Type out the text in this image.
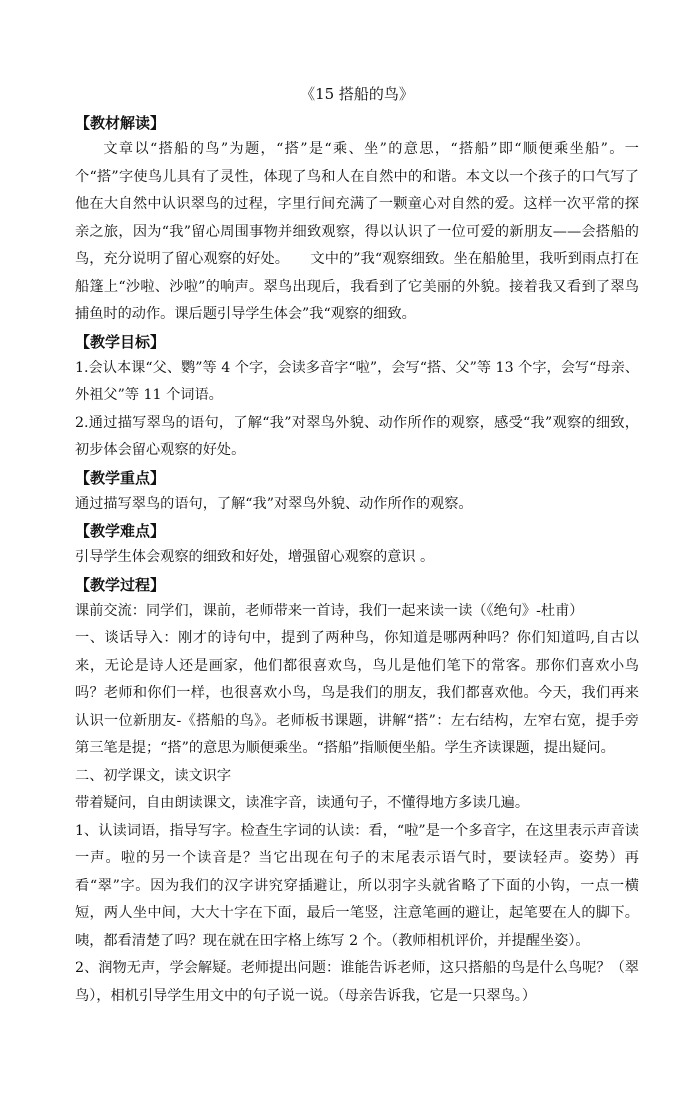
《15 搭船的鸟》

【教材解读】

文章以“搭船的鸟”为题，“搭”是“乘、坐”的意思，“搭船”即“顺便乘坐船”。一个“搭”字使鸟儿具有了灵性，体现了鸟和人在自然中的和谐。本文以一个孩子的口气写了他在大自然中认识翠鸟的过程，字里行间充满了一颗童心对自然的爱。这样一次平常的探亲之旅，因为“我”留心周围事物并细致观察，得以认识了一位可爱的新朋友——会搭船的鸟，充分说明了留心观察的好处。　　文中的”我“观察细致。坐在船舱里，我听到雨点打在船篷上“沙啦、沙啦”的响声。翠鸟出现后，我看到了它美丽的外貌。接着我又看到了翠鸟捕鱼时的动作。课后题引导学生体会”我“观察的细致。

【教学目标】

1.会认本课“父、鹦”等 4 个字，会读多音字“啦”，会写“搭、父”等 13 个字，会写“母亲、外祖父”等 11 个词语。

2.通过描写翠鸟的语句，了解“我”对翠鸟外貌、动作所作的观察，感受“我”观察的细致，初步体会留心观察的好处。

【教学重点】

通过描写翠鸟的语句，了解“我”对翠鸟外貌、动作所作的观察。

【教学难点】

引导学生体会观察的细致和好处，增强留心观察的意识 。

【教学过程】

课前交流：同学们，课前，老师带来一首诗，我们一起来读一读（《绝句》-杜甫）

一、谈话导入：刚才的诗句中，提到了两种鸟，你知道是哪两种吗？你们知道吗,自古以来，无论是诗人还是画家，他们都很喜欢鸟，鸟儿是他们笔下的常客。那你们喜欢小鸟吗？老师和你们一样，也很喜欢小鸟，鸟是我们的朋友，我们都喜欢他。今天，我们再来认识一位新朋友-《搭船的鸟》。老师板书课题，讲解“搭”：左右结构，左窄右宽，提手旁第三笔是提；“搭”的意思为顺便乘坐。“搭船”指顺便坐船。学生齐读课题，提出疑问。

二、初学课文，读文识字

带着疑问，自由朗读课文，读准字音，读通句子，不懂得地方多读几遍。

1、认读词语，指导写字。检查生字词的认读：看，“啦”是一个多音字，在这里表示声音读一声。啦的另一个读音是？当它出现在句子的末尾表示语气时，要读轻声。姿势）再看“翠”字。因为我们的汉字讲究穿插避让，所以羽字头就省略了下面的小钩，一点一横短，两人坐中间，大大十字在下面，最后一笔竖，注意笔画的避让，起笔要在人的脚下。咦，都看清楚了吗？现在就在田字格上练写 2 个。（教师相机评价，并提醒坐姿）。

2、润物无声，学会解疑。老师提出问题：谁能告诉老师，这只搭船的鸟是什么鸟呢？（翠鸟），相机引导学生用文中的句子说一说。（母亲告诉我，它是一只翠鸟。）
